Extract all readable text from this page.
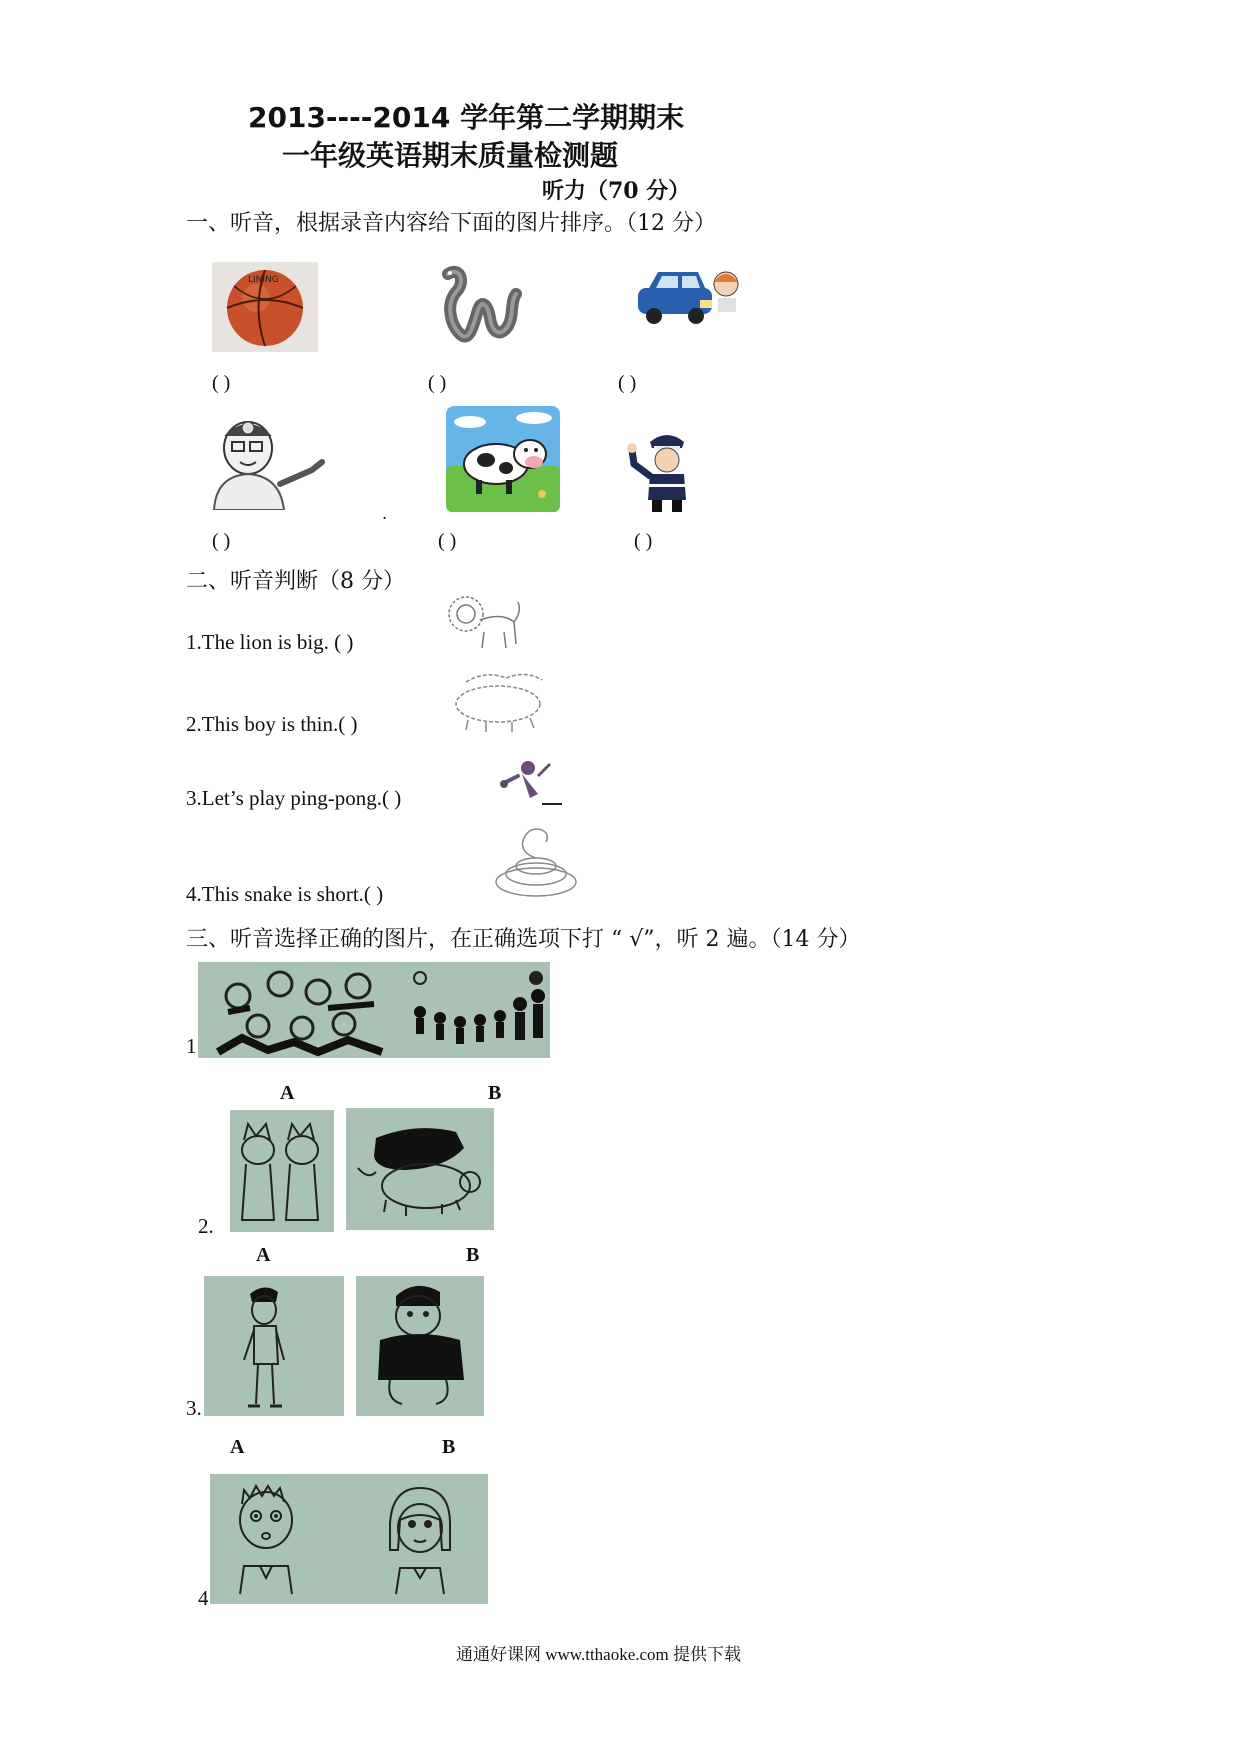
2013----2014 学年第二学期期末
一年级英语期末质量检测题
听力（70 分）
一、听音，根据录音内容给下面的图片排序。（12 分）
LINING
( )	( )	( )
.
( )	( )	( )
二、听音判断（8 分）
1.The lion is big. ( )
2.This boy is thin.( )
3.Let’s play ping-pong.( )
4.This snake is short.( )
三、听音选择正确的图片，在正确选项下打 “ √”，听 2 遍。（14 分）
1
A	B
2.
A	B
3.
A	B
4
通通好课网 www.tthaoke.com 提供下载
